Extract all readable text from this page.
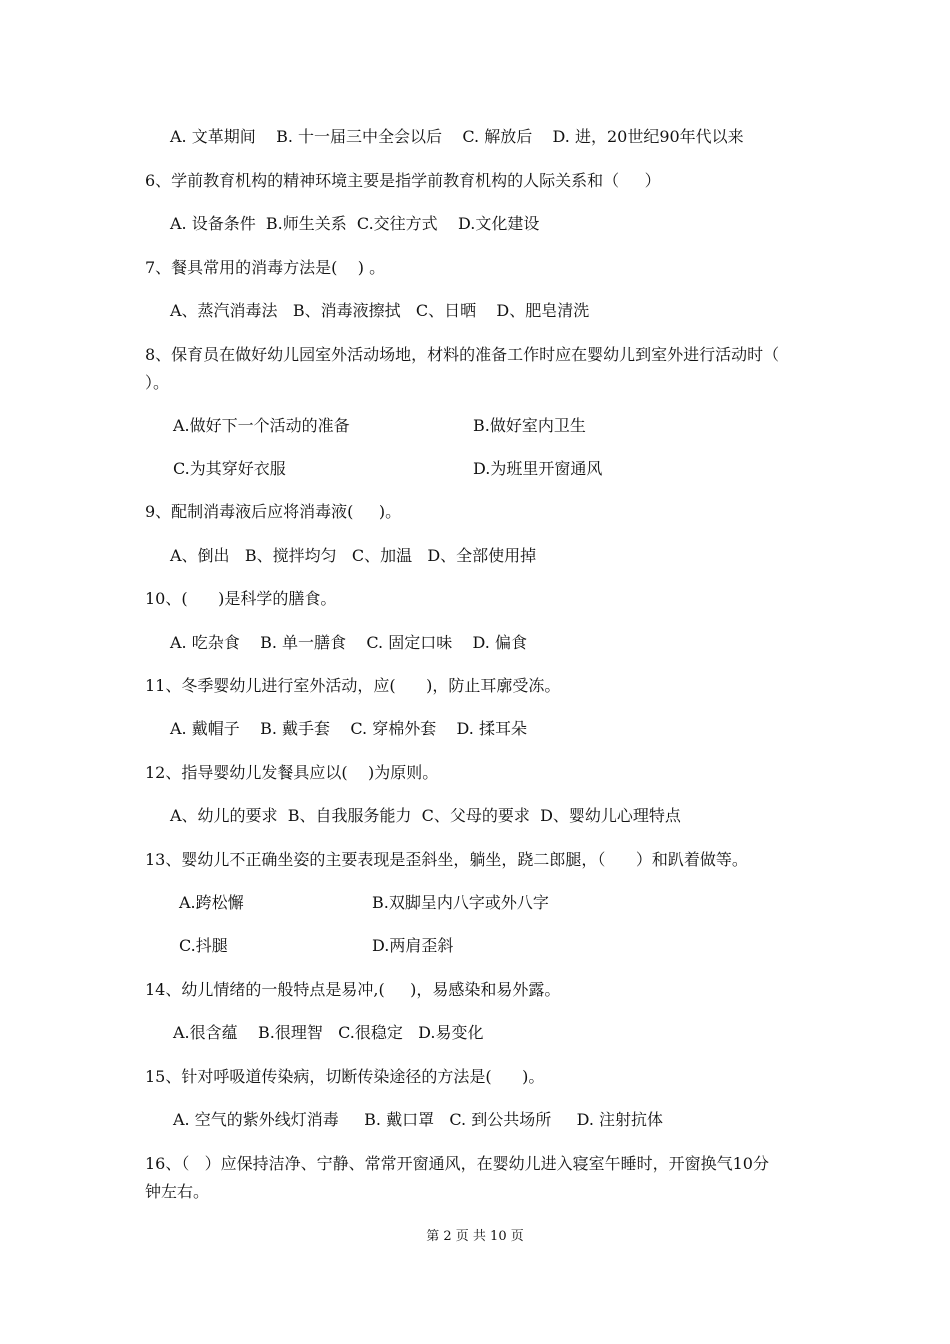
A. 文革期间    B. 十一届三中全会以后    C. 解放后    D. 进，20世纪90年代以来
6、学前教育机构的精神环境主要是指学前教育机构的人际关系和（     ）
A. 设备条件  B.师生关系  C.交往方式    D.文化建设
7、餐具常用的消毒方法是(    ) 。
A、蒸汽消毒法   B、消毒液擦拭   C、日晒    D、肥皂清洗
8、保育员在做好幼儿园室外活动场地，材料的准备工作时应在婴幼儿到室外进行活动时（
）。
A.做好下一个活动的准备	B.做好室内卫生
C.为其穿好衣服	D.为班里开窗通风
9、配制消毒液后应将消毒液(     )。
A、倒出   B、搅拌均匀   C、加温   D、全部使用掉
10、(      )是科学的膳食。
A. 吃杂食    B. 单一膳食    C. 固定口味    D. 偏食
11、冬季婴幼儿进行室外活动，应(      )，防止耳廓受冻。
A. 戴帽子    B. 戴手套    C. 穿棉外套    D. 揉耳朵
12、指导婴幼儿发餐具应以(    )为原则。
A、幼儿的要求  B、自我服务能力  C、父母的要求  D、婴幼儿心理特点
13、婴幼儿不正确坐姿的主要表现是歪斜坐，躺坐，跷二郎腿，（      ）和趴着做等。
A.跨松懈	B.双脚呈内八字或外八字
C.抖腿	D.两肩歪斜
14、幼儿情绪的一般特点是易冲,(     )，易感染和易外露。
A.很含蕴    B.很理智   C.很稳定   D.易变化
15、针对呼吸道传染病，切断传染途径的方法是(      )。
A. 空气的紫外线灯消毒     B. 戴口罩   C. 到公共场所     D. 注射抗体
16、（   ）应保持洁净、宁静、常常开窗通风，在婴幼儿进入寝室午睡时，开窗换气10分
钟左右。
第 2 页 共 10 页
